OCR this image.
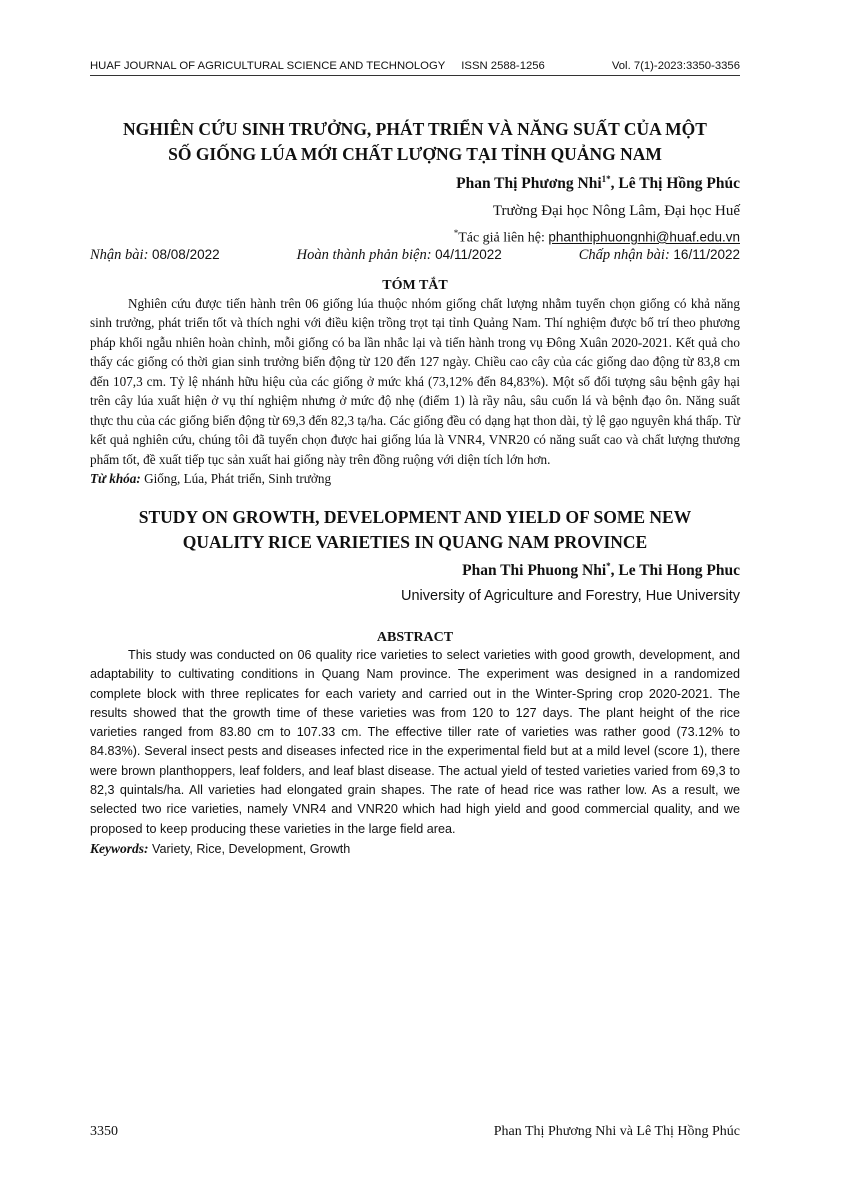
HUAF JOURNAL OF AGRICULTURAL SCIENCE AND TECHNOLOGY ISSN 2588-1256	Vol. 7(1)-2023:3350-3356
NGHIÊN CỨU SINH TRƯỞNG, PHÁT TRIỂN VÀ NĂNG SUẤT CỦA MỘT
SỐ GIỐNG LÚA MỚI CHẤT LƯỢNG TẠI TỈNH QUẢNG NAM
Phan Thị Phương Nhi$^{1*}$, Lê Thị Hồng Phúc
Trường Đại học Nông Lâm, Đại học Huế
*Tác giả liên hệ: phanthiphuongnhi@huaf.edu.vn
Nhận bài: 08/08/2022	Hoàn thành phản biện: 04/11/2022	Chấp nhận bài: 16/11/2022
TÓM TẮT

Nghiên cứu được tiến hành trên 06 giống lúa thuộc nhóm giống chất lượng nhằm tuyển chọn giống có khả năng sinh trưởng, phát triển tốt và thích nghi với điều kiện trồng trọt tại tỉnh Quảng Nam. Thí nghiệm được bố trí theo phương pháp khối ngẫu nhiên hoàn chỉnh, mỗi giống có ba lần nhắc lại và tiến hành trong vụ Đông Xuân 2020-2021. Kết quả cho thấy các giống có thời gian sinh trưởng biến động từ 120 đến 127 ngày. Chiều cao cây của các giống dao động từ 83,8 cm đến 107,3 cm. Tỷ lệ nhánh hữu hiệu của các giống ở mức khá (73,12% đến 84,83%). Một số đối tượng sâu bệnh gây hại trên cây lúa xuất hiện ở vụ thí nghiệm nhưng ở mức độ nhẹ (điểm 1) là rầy nâu, sâu cuốn lá và bệnh đạo ôn. Năng suất thực thu của các giống biến động từ 69,3 đến 82,3 tạ/ha. Các giống đều có dạng hạt thon dài, tỷ lệ gạo nguyên khá thấp. Từ kết quả nghiên cứu, chúng tôi đã tuyển chọn được hai giống lúa là VNR4, VNR20 có năng suất cao và chất lượng thương phẩm tốt, đề xuất tiếp tục sản xuất hai giống này trên đồng ruộng với diện tích lớn hơn.

Từ khóa: Giống, Lúa, Phát triển, Sinh trưởng

STUDY ON GROWTH, DEVELOPMENT AND YIELD OF SOME NEW
QUALITY RICE VARIETIES IN QUANG NAM PROVINCE
Phan Thi Phuong Nhi*, Le Thi Hong Phuc
University of Agriculture and Forestry, Hue University
ABSTRACT

This study was conducted on 06 quality rice varieties to select varieties with good growth, development, and adaptability to cultivating conditions in Quang Nam province. The experiment was designed in a randomized complete block with three replicates for each variety and carried out in the Winter-Spring crop 2020-2021. The results showed that the growth time of these varieties was from 120 to 127 days. The plant height of the rice varieties ranged from 83.80 cm to 107.33 cm. The effective tiller rate of varieties was rather good (73.12% to 84.83%). Several insect pests and diseases infected rice in the experimental field but at a mild level (score 1), there were brown planthoppers, leaf folders, and leaf blast disease. The actual yield of tested varieties varied from 69,3 to 82,3 quintals/ha. All varieties had elongated grain shapes. The rate of head rice was rather low. As a result, we selected two rice varieties, namely VNR4 and VNR20 which had high yield and good commercial quality, and we proposed to keep producing these varieties in the large field area.

Keywords: Variety, Rice, Development, Growth

3350	Phan Thị Phương Nhi và Lê Thị Hồng Phúc
